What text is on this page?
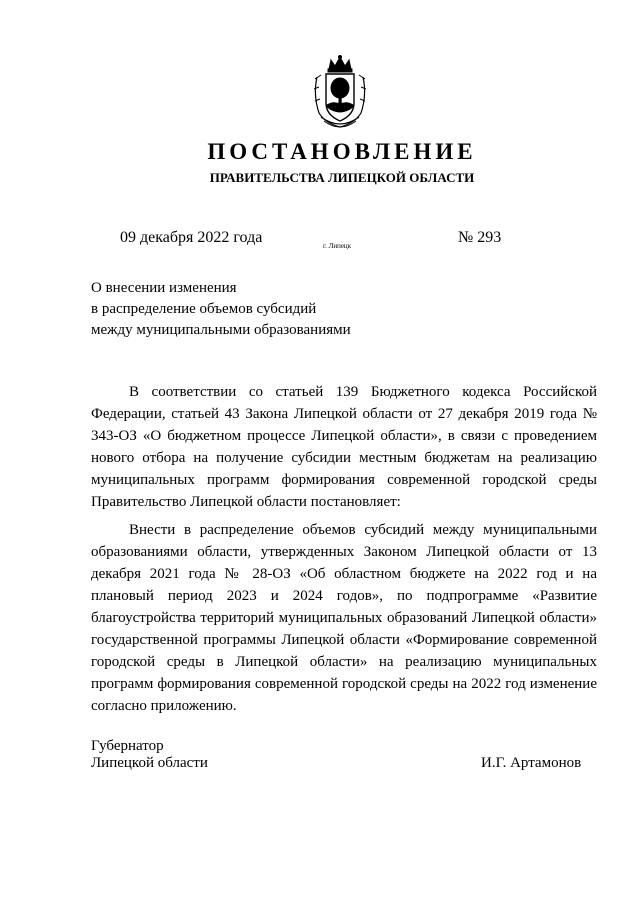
ПОСТАНОВЛЕНИЕ
ПРАВИТЕЛЬСТВА ЛИПЕЦКОЙ ОБЛАСТИ
09 декабря 2022 года	г. Липецк	№ 293
О внесении изменения
в распределение объемов субсидий
между муниципальными образованиями

В соответствии со статьей 139 Бюджетного кодекса Российской Федерации, статьей 43 Закона Липецкой области от 27 декабря 2019 года № 343-ОЗ «О бюджетном процессе Липецкой области», в связи с проведением нового отбора на получение субсидии местным бюджетам на реализацию муниципальных программ формирования современной городской среды Правительство Липецкой области постановляет:

Внести в распределение объемов субсидий между муниципальными образованиями области, утвержденных Законом Липецкой области от 13 декабря 2021 года № 28-ОЗ «Об областном бюджете на 2022 год и на плановый период 2023 и 2024 годов», по подпрограмме «Развитие благоустройства территорий муниципальных образований Липецкой области» государственной программы Липецкой области «Формирование современной городской среды в Липецкой области» на реализацию муниципальных программ формирования современной городской среды на 2022 год изменение согласно приложению.

Губернатор
Липецкой области	И.Г. Артамонов
